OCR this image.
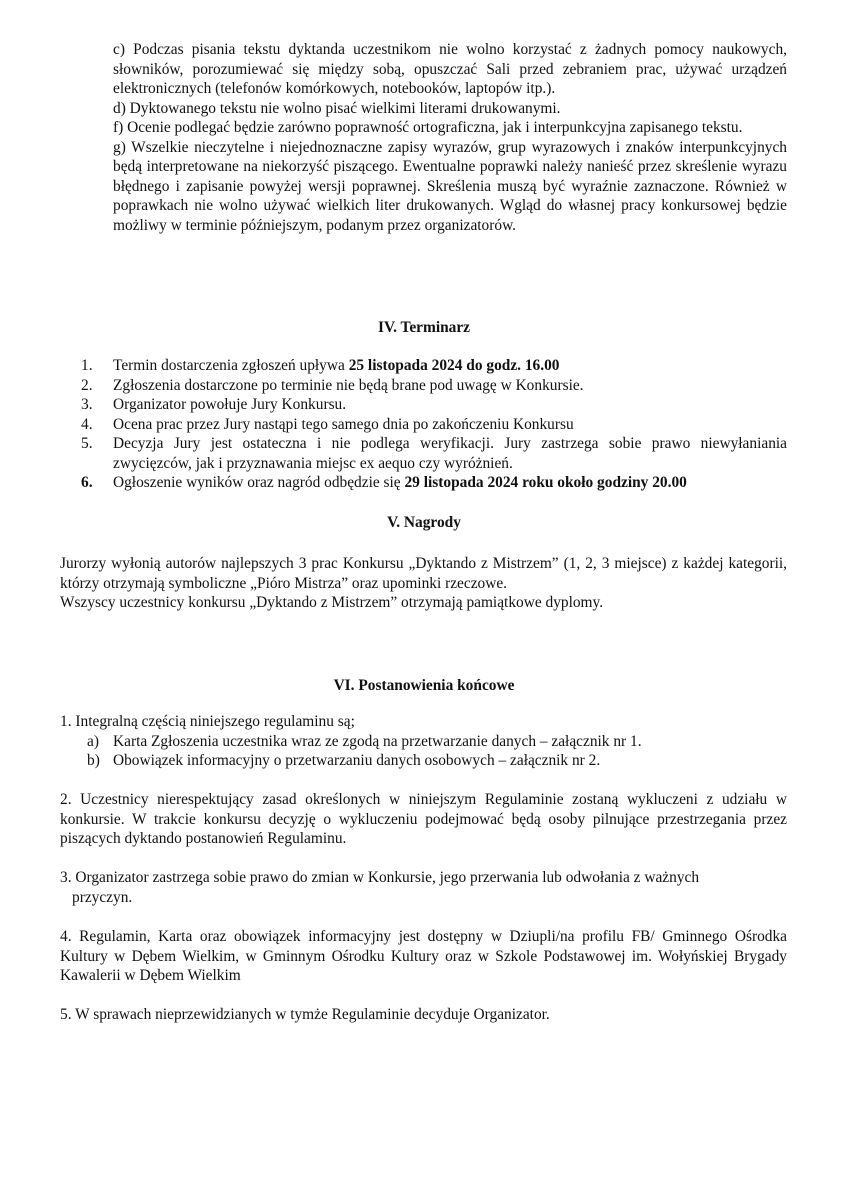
c) Podczas pisania tekstu dyktanda uczestnikom nie wolno korzystać z żadnych pomocy naukowych, słowników, porozumiewać się między sobą, opuszczać Sali przed zebraniem prac, używać urządzeń elektronicznych (telefonów komórkowych, notebooków, laptopów itp.).

d) Dyktowanego tekstu nie wolno pisać wielkimi literami drukowanymi.

f) Ocenie podlegać będzie zarówno poprawność ortograficzna, jak i interpunkcyjna zapisanego tekstu.

g) Wszelkie nieczytelne i niejednoznaczne zapisy wyrazów, grup wyrazowych i znaków interpunkcyjnych będą interpretowane na niekorzyść piszącego. Ewentualne poprawki należy nanieść przez skreślenie wyrazu błędnego i zapisanie powyżej wersji poprawnej. Skreślenia muszą być wyraźnie zaznaczone. Również w poprawkach nie wolno używać wielkich liter drukowanych. Wgląd do własnej pracy konkursowej będzie możliwy w terminie późniejszym, podanym przez organizatorów.

IV. Terminarz
1. Termin dostarczenia zgłoszeń upływa 25 listopada 2024 do godz. 16.00
2. Zgłoszenia dostarczone po terminie nie będą brane pod uwagę w Konkursie.
3. Organizator powołuje Jury Konkursu.
4. Ocena prac przez Jury nastąpi tego samego dnia po zakończeniu Konkursu
5. Decyzja Jury jest ostateczna i nie podlega weryfikacji. Jury zastrzega sobie prawo niewyłaniania zwycięzców, jak i przyznawania miejsc ex aequo czy wyróżnień.
6. Ogłoszenie wyników oraz nagród odbędzie się 29 listopada 2024 roku około godziny 20.00
V. Nagrody

Jurorzy wyłonią autorów najlepszych 3 prac Konkursu „Dyktando z Mistrzem” (1, 2, 3 miejsce) z każdej kategorii, którzy otrzymają symboliczne „Pióro Mistrza” oraz upominki rzeczowe.

Wszyscy uczestnicy konkursu „Dyktando z Mistrzem” otrzymają pamiątkowe dyplomy.

VI. Postanowienia końcowe

1. Integralną częścią niniejszego regulaminu są;

a) Karta Zgłoszenia uczestnika wraz ze zgodą na przetwarzanie danych – załącznik nr 1.
b) Obowiązek informacyjny o przetwarzaniu danych osobowych – załącznik nr 2.

2. Uczestnicy nierespektujący zasad określonych w niniejszym Regulaminie zostaną wykluczeni z udziału w konkursie. W trakcie konkursu decyzję o wykluczeniu podejmować będą osoby pilnujące przestrzegania przez piszących dyktando postanowień Regulaminu.

3. Organizator zastrzega sobie prawo do zmian w Konkursie, jego przerwania lub odwołania z ważnych

przyczyn.

4. Regulamin, Karta oraz obowiązek informacyjny jest dostępny w Dziupli/na profilu FB/ Gminnego Ośrodka Kultury w Dębem Wielkim, w Gminnym Ośrodku Kultury oraz w Szkole Podstawowej im. Wołyńskiej Brygady Kawalerii w Dębem Wielkim

5. W sprawach nieprzewidzianych w tymże Regulaminie decyduje Organizator.
